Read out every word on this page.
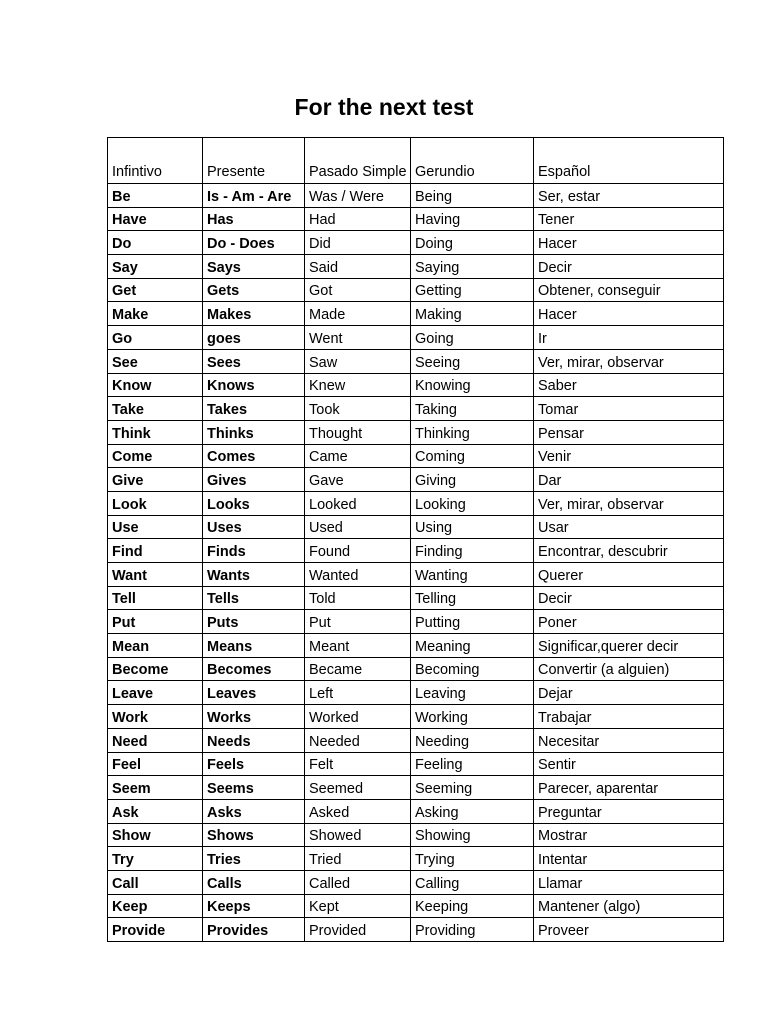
For the next test
Infintivo	Presente	Pasado Simple	Gerundio	Español
Be	Is - Am - Are	Was / Were	Being	Ser, estar
Have	Has	Had	Having	Tener
Do	Do - Does	Did	Doing	Hacer
Say	Says	Said	Saying	Decir
Get	Gets	Got	Getting	Obtener, conseguir
Make	Makes	Made	Making	Hacer
Go	goes	Went	Going	Ir
See	Sees	Saw	Seeing	Ver, mirar, observar
Know	Knows	Knew	Knowing	Saber
Take	Takes	Took	Taking	Tomar
Think	Thinks	Thought	Thinking	Pensar
Come	Comes	Came	Coming	Venir
Give	Gives	Gave	Giving	Dar
Look	Looks	Looked	Looking	Ver, mirar, observar
Use	Uses	Used	Using	Usar
Find	Finds	Found	Finding	Encontrar, descubrir
Want	Wants	Wanted	Wanting	Querer
Tell	Tells	Told	Telling	Decir
Put	Puts	Put	Putting	Poner
Mean	Means	Meant	Meaning	Significar,querer decir
Become	Becomes	Became	Becoming	Convertir (a alguien)
Leave	Leaves	Left	Leaving	Dejar
Work	Works	Worked	Working	Trabajar
Need	Needs	Needed	Needing	Necesitar
Feel	Feels	Felt	Feeling	Sentir
Seem	Seems	Seemed	Seeming	Parecer, aparentar
Ask	Asks	Asked	Asking	Preguntar
Show	Shows	Showed	Showing	Mostrar
Try	Tries	Tried	Trying	Intentar
Call	Calls	Called	Calling	Llamar
Keep	Keeps	Kept	Keeping	Mantener (algo)
Provide	Provides	Provided	Providing	Proveer
